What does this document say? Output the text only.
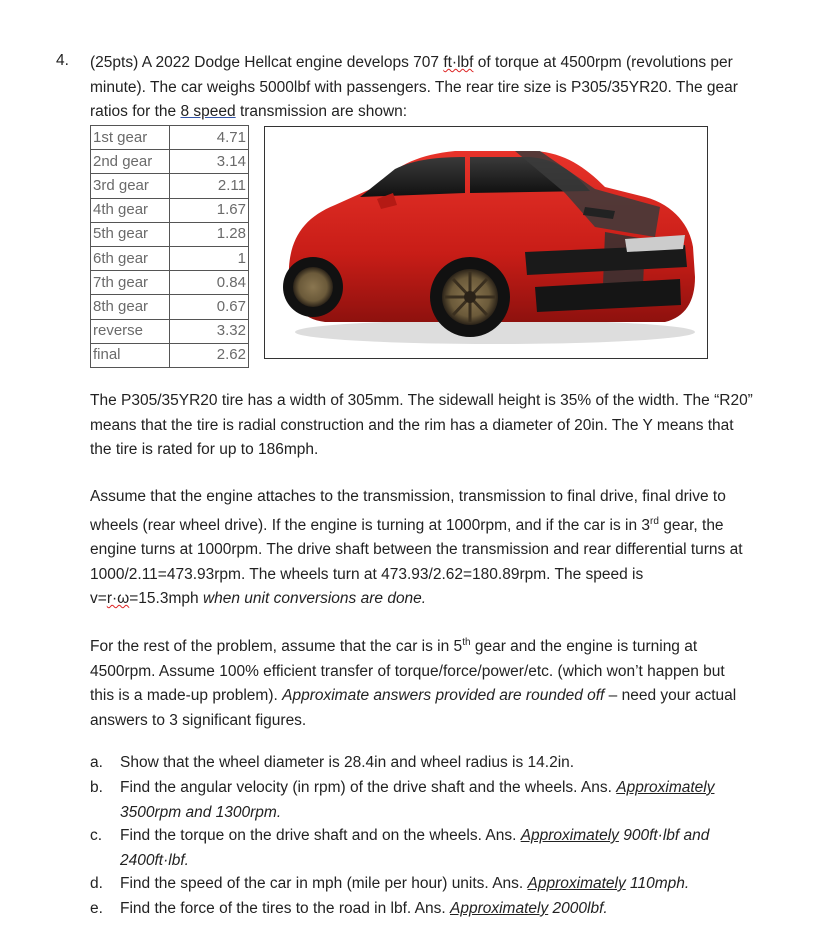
4. (25pts) A 2022 Dodge Hellcat engine develops 707 ft·lbf of torque at 4500rpm (revolutions per
minute). The car weighs 5000lbf with passengers. The rear tire size is P305/35YR20. The gear
ratios for the 8 speed transmission are shown:
1st gear	4.71
2nd gear	3.14
3rd gear	2.11
4th gear	1.67
5th gear	1.28
6th gear	1
7th gear	0.84
8th gear	0.67
reverse	3.32
final	2.62
The P305/35YR20 tire has a width of 305mm. The sidewall height is 35% of the width. The “R20”
means that the tire is radial construction and the rim has a diameter of 20in. The Y means that
the tire is rated for up to 186mph.
Assume that the engine attaches to the transmission, transmission to final drive, final drive to
wheels (rear wheel drive). If the engine is turning at 1000rpm, and if the car is in 3rd gear, the
engine turns at 1000rpm. The drive shaft between the transmission and rear differential turns at
1000/2.11=473.93rpm. The wheels turn at 473.93/2.62=180.89rpm. The speed is
v=r·ω=15.3mph when unit conversions are done.
For the rest of the problem, assume that the car is in 5th gear and the engine is turning at
4500rpm. Assume 100% efficient transfer of torque/force/power/etc. (which won’t happen but
this is a made-up problem). Approximate answers provided are rounded off – need your actual
answers to 3 significant figures.
a.	Show that the wheel diameter is 28.4in and wheel radius is 14.2in.
b.	Find the angular velocity (in rpm) of the drive shaft and the wheels. Ans. Approximately
3500rpm and 1300rpm.
c.	Find the torque on the drive shaft and on the wheels. Ans. Approximately 900ft·lbf and
2400ft·lbf.
d.	Find the speed of the car in mph (mile per hour) units. Ans. Approximately 110mph.
e.	Find the force of the tires to the road in lbf. Ans. Approximately 2000lbf.
